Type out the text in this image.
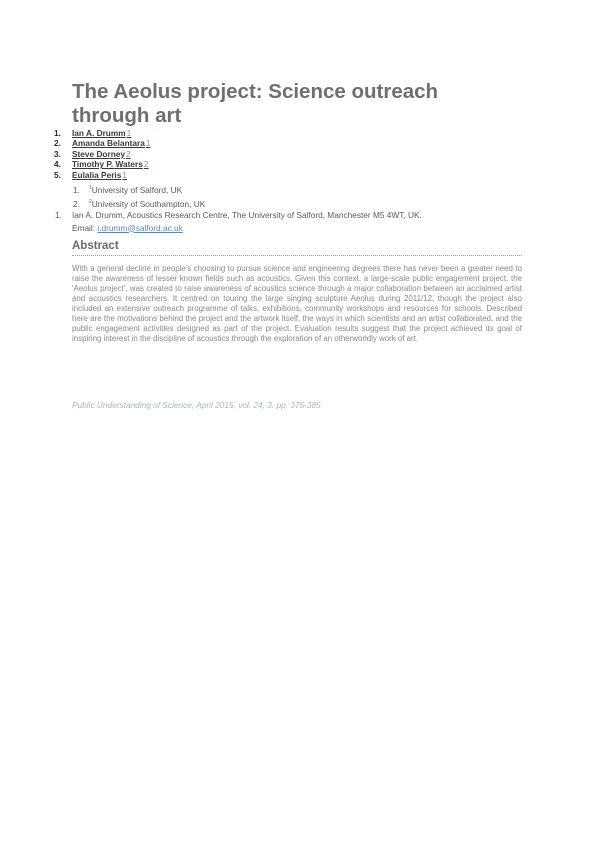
The Aeolus project: Science outreach through art
1.	Ian A. Drumm1
2.	Amanda Belantara1
3.	Steve Dorney2
4.	Timothy P. Waters2
5.	Eulalia Peris1
1. $^1$University of Salford, UK
2. $^2$University of Southampton, UK
1. Ian A. Drumm, Acoustics Research Centre, The University of Salford, Manchester M5 4WT, UK.
Email: i.drumm@salford.ac.uk
Abstract

With a general decline in people's choosing to pursue science and engineering degrees there has never been a greater need to raise the awareness of lesser known fields such as acoustics. Given this context, a large-scale public engagement project, the 'Aeolus project', was created to raise awareness of acoustics science through a major collaboration between an acclaimed artist and acoustics researchers. It centred on touring the large singing sculpture Aeolus during 2011/12, though the project also included an extensive outreach programme of talks, exhibitions, community workshops and resources for schools. Described here are the motivations behind the project and the artwork itself, the ways in which scientists and an artist collaborated, and the public engagement activities designed as part of the project. Evaluation results suggest that the project achieved its goal of inspiring interest in the discipline of acoustics through the exploration of an otherworldly work of art.

Public Understanding of Science, April 2015; vol. 24, 3: pp. 375-385
